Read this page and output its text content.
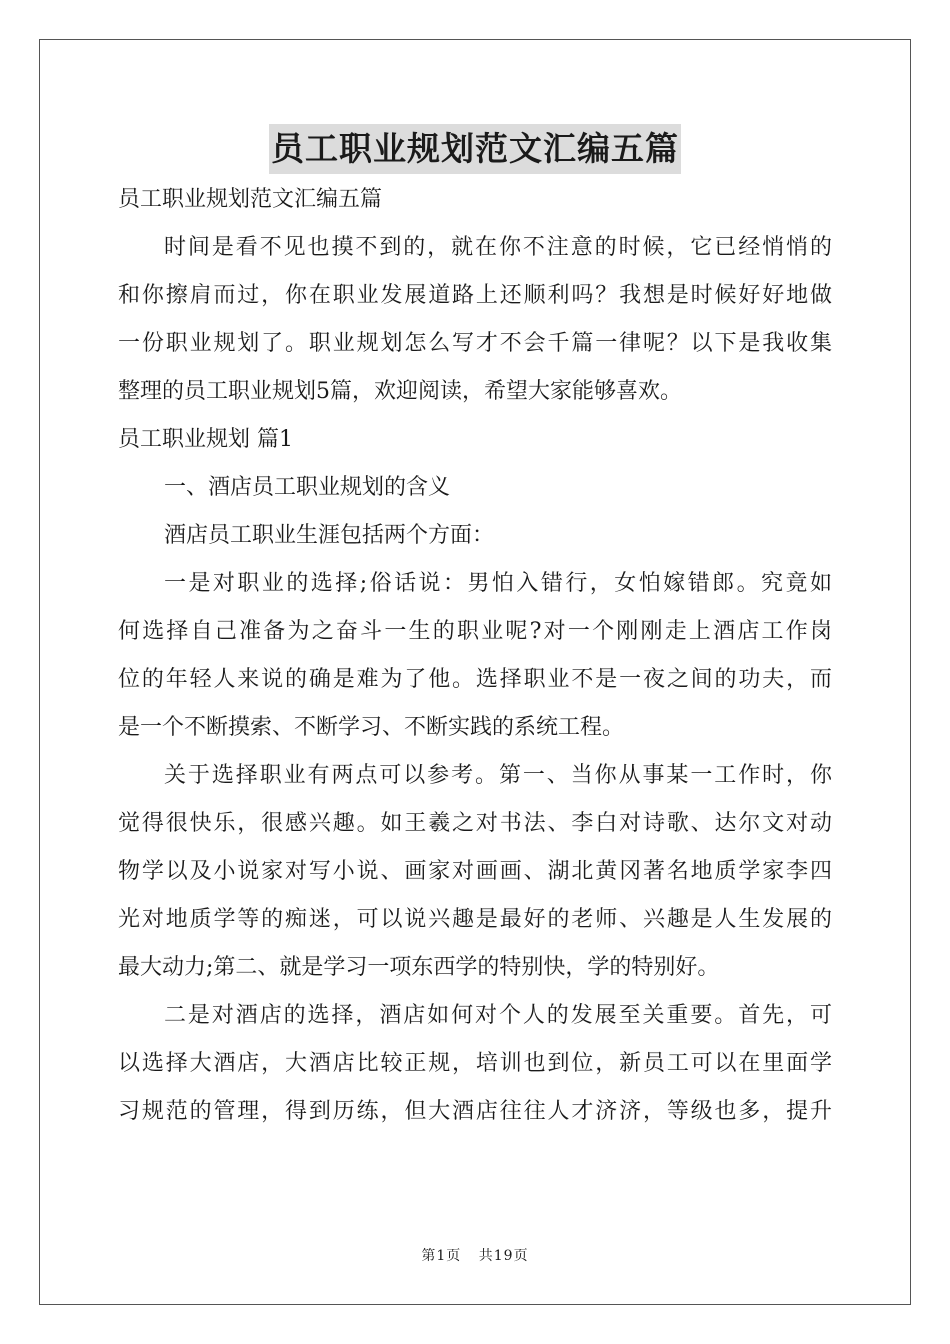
员工职业规划范文汇编五篇
员工职业规划范文汇编五篇
时间是看不见也摸不到的，就在你不注意的时候，它已经悄悄的
和你擦肩而过，你在职业发展道路上还顺利吗？我想是时候好好地做
一份职业规划了。职业规划怎么写才不会千篇一律呢？以下是我收集
整理的员工职业规划5篇，欢迎阅读，希望大家能够喜欢。
员工职业规划 篇1
一、酒店员工职业规划的含义
酒店员工职业生涯包括两个方面：
一是对职业的选择;俗话说：男怕入错行，女怕嫁错郎。究竟如
何选择自己准备为之奋斗一生的职业呢?对一个刚刚走上酒店工作岗
位的年轻人来说的确是难为了他。选择职业不是一夜之间的功夫，而
是一个不断摸索、不断学习、不断实践的系统工程。
关于选择职业有两点可以参考。第一、当你从事某一工作时，你
觉得很快乐，很感兴趣。如王羲之对书法、李白对诗歌、达尔文对动
物学以及小说家对写小说、画家对画画、湖北黄冈著名地质学家李四
光对地质学等的痴迷，可以说兴趣是最好的老师、兴趣是人生发展的
最大动力;第二、就是学习一项东西学的特别快，学的特别好。
二是对酒店的选择，酒店如何对个人的发展至关重要。首先，可
以选择大酒店，大酒店比较正规，培训也到位，新员工可以在里面学
习规范的管理，得到历练，但大酒店往往人才济济，等级也多，提升
第1页 共19页
